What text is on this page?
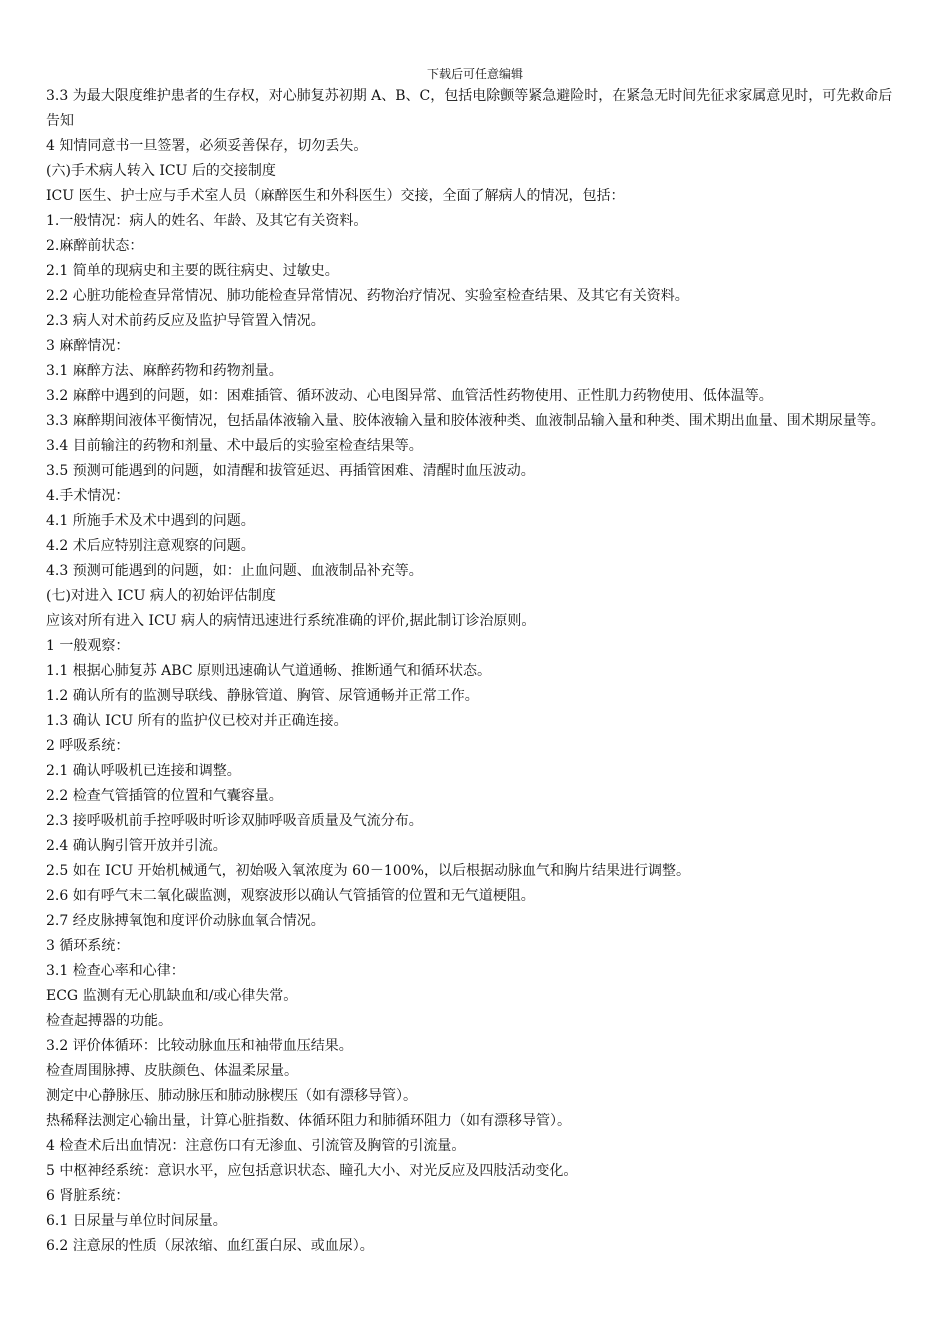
下载后可任意编辑
3.3 为最大限度维护患者的生存权，对心肺复苏初期 A、B、C，包括电除颤等紧急避险时，在紧急无时间先征求家属意见时，可先救命后告知
4 知情同意书一旦签署，必须妥善保存，切勿丢失。
(六)手术病人转入 ICU 后的交接制度
ICU 医生、护士应与手术室人员（麻醉医生和外科医生）交接，全面了解病人的情况，包括：
1.一般情况：病人的姓名、年龄、及其它有关资料。
2.麻醉前状态：
2.1 简单的现病史和主要的既往病史、过敏史。
2.2 心脏功能检查异常情况、肺功能检查异常情况、药物治疗情况、实验室检查结果、及其它有关资料。
2.3 病人对术前药反应及监护导管置入情况。
3 麻醉情况：
3.1 麻醉方法、麻醉药物和药物剂量。
3.2 麻醉中遇到的问题，如：困难插管、循环波动、心电图异常、血管活性药物使用、正性肌力药物使用、低体温等。
3.3 麻醉期间液体平衡情况，包括晶体液输入量、胶体液输入量和胶体液种类、血液制品输入量和种类、围术期出血量、围术期尿量等。
3.4 目前输注的药物和剂量、术中最后的实验室检查结果等。
3.5 预测可能遇到的问题，如清醒和拔管延迟、再插管困难、清醒时血压波动。
4.手术情况：
4.1 所施手术及术中遇到的问题。
4.2 术后应特别注意观察的问题。
4.3 预测可能遇到的问题，如：止血问题、血液制品补充等。
(七)对进入 ICU 病人的初始评估制度
应该对所有进入 ICU 病人的病情迅速进行系统准确的评价,据此制订诊治原则。
1 一般观察：
1.1 根据心肺复苏 ABC 原则迅速确认气道通畅、推断通气和循环状态。
1.2 确认所有的监测导联线、静脉管道、胸管、尿管通畅并正常工作。
1.3 确认 ICU 所有的监护仪已校对并正确连接。
2 呼吸系统：
2.1 确认呼吸机已连接和调整。
2.2 检查气管插管的位置和气囊容量。
2.3 接呼吸机前手控呼吸时听诊双肺呼吸音质量及气流分布。
2.4 确认胸引管开放并引流。
2.5 如在 ICU 开始机械通气，初始吸入氧浓度为 60－100%，以后根据动脉血气和胸片结果进行调整。
2.6 如有呼气末二氧化碳监测，观察波形以确认气管插管的位置和无气道梗阻。
2.7 经皮脉搏氧饱和度评价动脉血氧合情况。
3 循环系统：
3.1 检查心率和心律：
ECG 监测有无心肌缺血和/或心律失常。
检查起搏器的功能。
3.2 评价体循环：比较动脉血压和袖带血压结果。
检查周围脉搏、皮肤颜色、体温柔尿量。
测定中心静脉压、肺动脉压和肺动脉楔压（如有漂移导管）。
热稀释法测定心输出量，计算心脏指数、体循环阻力和肺循环阻力（如有漂移导管）。
4 检查术后出血情况：注意伤口有无渗血、引流管及胸管的引流量。
5 中枢神经系统：意识水平，应包括意识状态、瞳孔大小、对光反应及四肢活动变化。
6 肾脏系统：
6.1 日尿量与单位时间尿量。
6.2 注意尿的性质（尿浓缩、血红蛋白尿、或血尿）。
